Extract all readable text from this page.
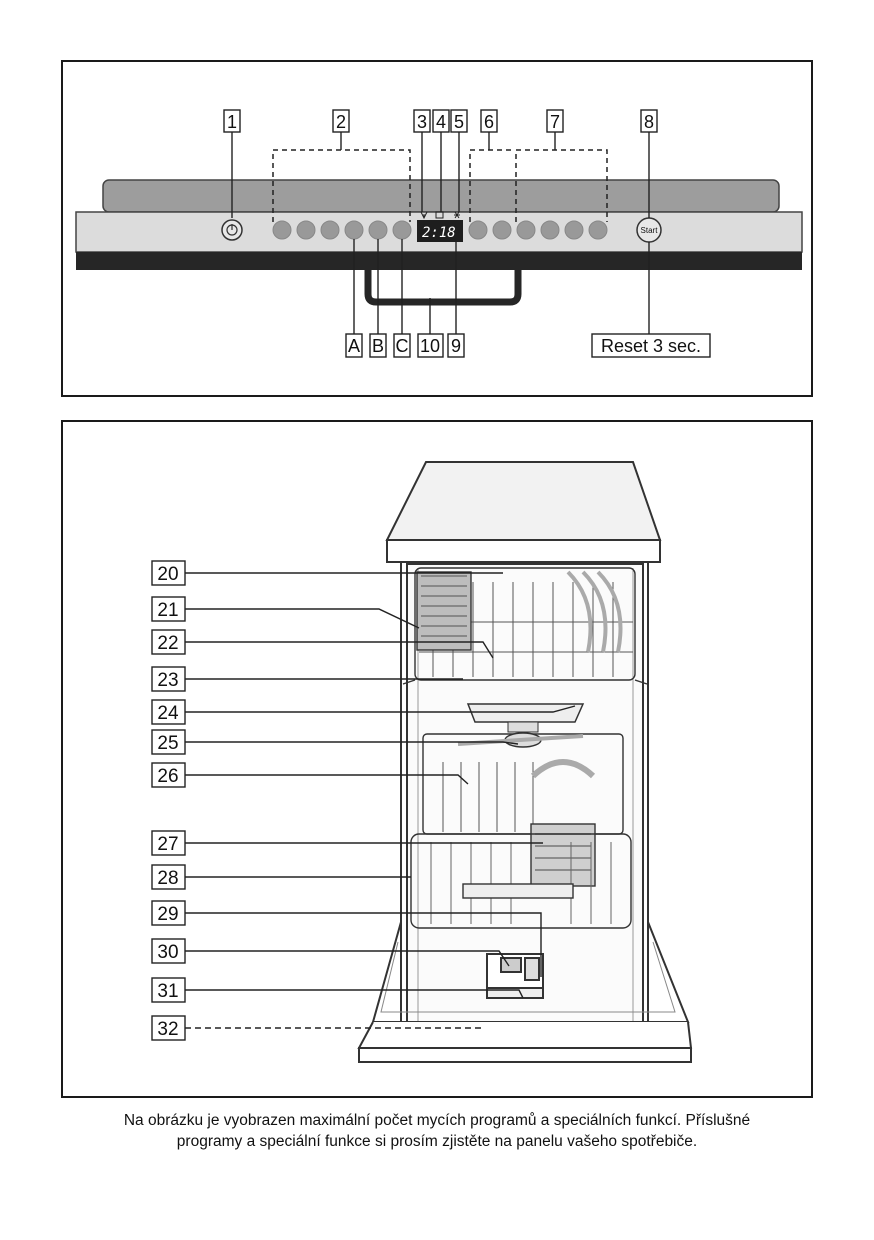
2:18	Start
1	2	3 4 5 6	7	8
A B C 10 9	Reset 3 sec.
20
21
22
23
24
25
26
27
28
29
30
31
32
Na obrázku je vyobrazen maximální počet mycích programů a speciálních funkcí. Příslušné
programy a speciální funkce si prosím zjistěte na panelu vašeho spotřebiče.
